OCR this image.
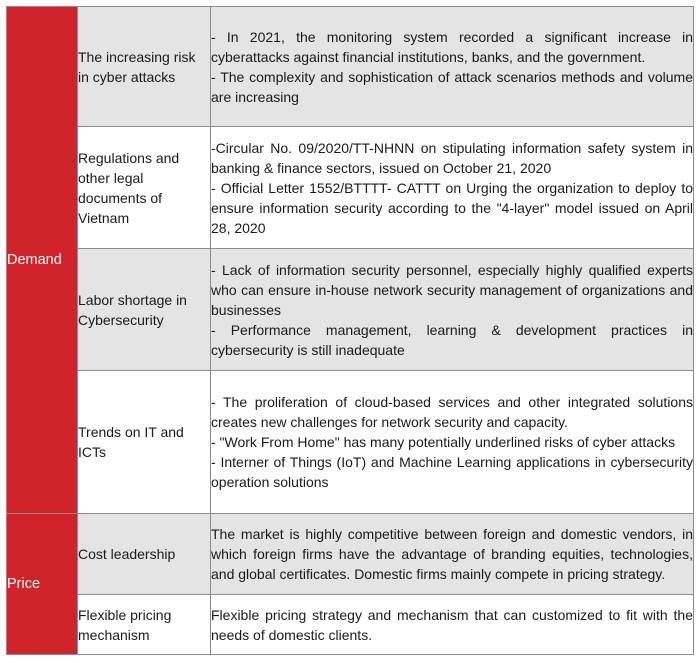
Demand	The increasing risk in cyber attacks	- In 2021, the monitoring system recorded a significant increase in cyberattacks against financial institutions, banks, and the government.
- The complexity and sophistication of attack scenarios methods and volume are increasing

	Regulations and other legal documents of Vietnam	-Circular No. 09/2020/TT-NHNN on stipulating information safety system in banking & finance sectors, issued on October 21, 2020
- Official Letter 1552/BTTTT- CATTT on Urging the organization to deploy to ensure information security according to the "4-layer" model issued on April 28, 2020

	Labor shortage in Cybersecurity	- Lack of information security personnel, especially highly qualified experts who can ensure in-house network security management of organizations and businesses
- Performance management, learning & development practices in cybersecurity is still inadequate

	Trends on IT and ICTs	- The proliferation of cloud-based services and other integrated solutions creates new challenges for network security and capacity.
- "Work From Home" has many potentially underlined risks of cyber attacks
- Interner of Things (IoT) and Machine Learning applications in cybersecurity operation solutions

Price	Cost leadership	The market is highly competitive between foreign and domestic vendors, in which foreign firms have the advantage of branding equities, technologies, and global certificates. Domestic firms mainly compete in pricing strategy.

	Flexible pricing mechanism	Flexible pricing strategy and mechanism that can customized to fit with the needs of domestic clients.
